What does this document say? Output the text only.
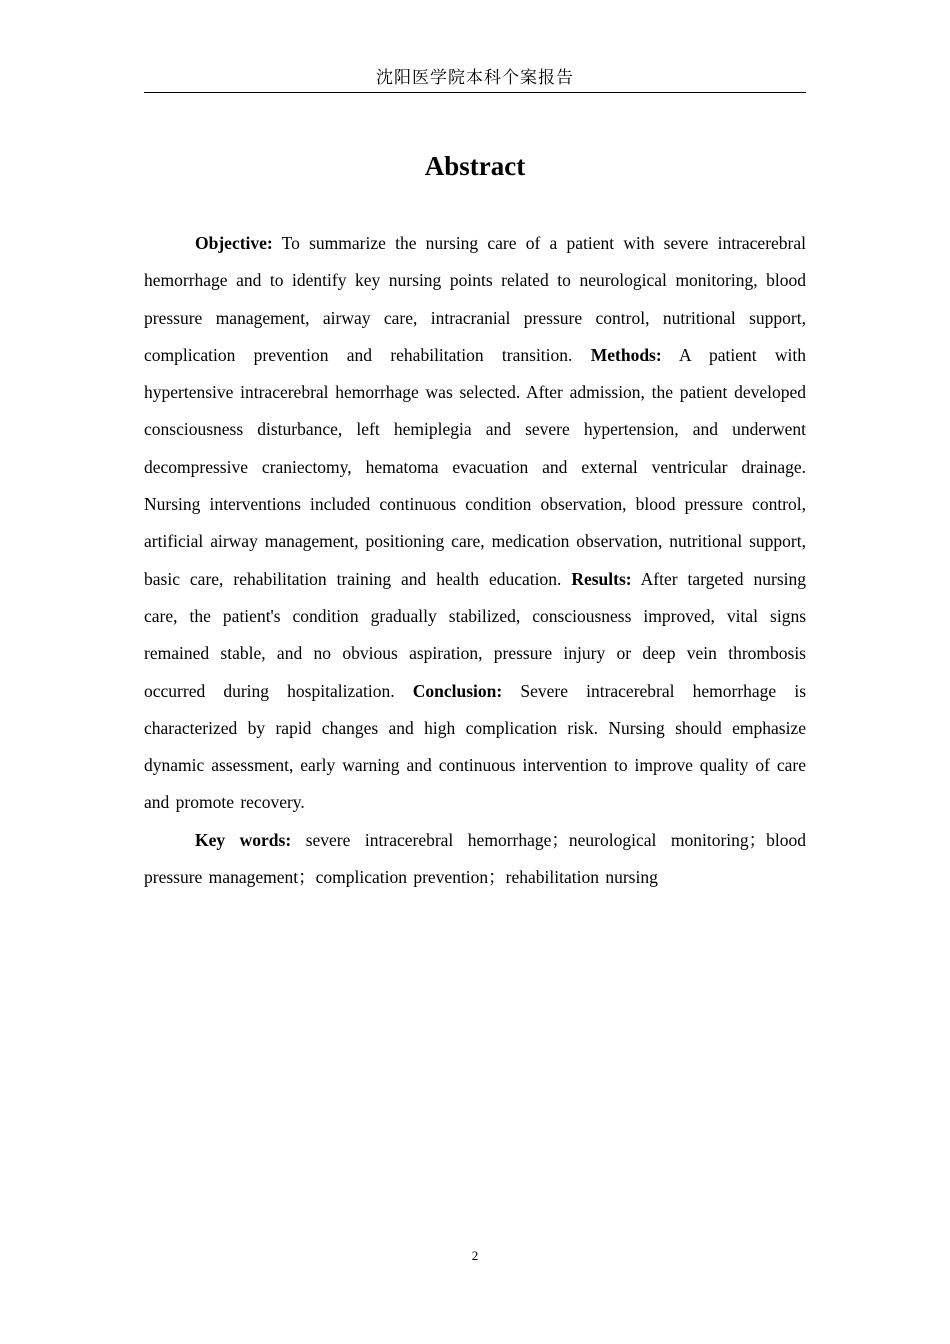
沈阳医学院本科个案报告
Abstract

Objective: To summarize the nursing care of a patient with severe intracerebral hemorrhage and to identify key nursing points related to neurological monitoring, blood pressure management, airway care, intracranial pressure control, nutritional support, complication prevention and rehabilitation transition. Methods: A patient with hypertensive intracerebral hemorrhage was selected. After admission, the patient developed consciousness disturbance, left hemiplegia and severe hypertension, and underwent decompressive craniectomy, hematoma evacuation and external ventricular drainage. Nursing interventions included continuous condition observation, blood pressure control, artificial airway management, positioning care, medication observation, nutritional support, basic care, rehabilitation training and health education. Results: After targeted nursing care, the patient's condition gradually stabilized, consciousness improved, vital signs remained stable, and no obvious aspiration, pressure injury or deep vein thrombosis occurred during hospitalization. Conclusion: Severe intracerebral hemorrhage is characterized by rapid changes and high complication risk. Nursing should emphasize dynamic assessment, early warning and continuous intervention to improve quality of care and promote recovery.

Key words: severe intracerebral hemorrhage；neurological monitoring；blood pressure management；complication prevention；rehabilitation nursing

2
